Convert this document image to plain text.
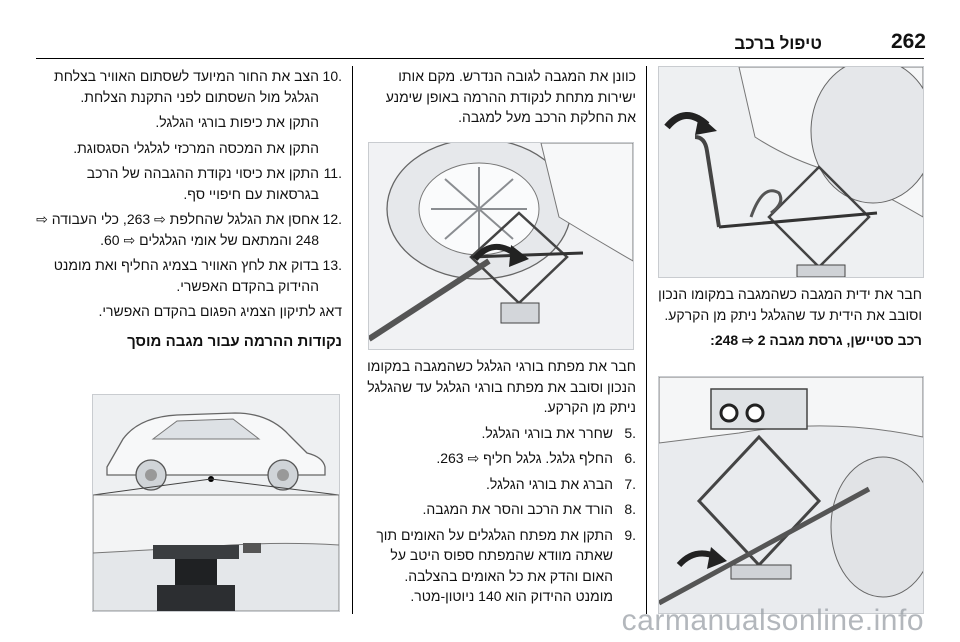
טיפול ברכב	262
.10
הצב את החור המיועד לשסתום האוויר בצלחת הגלגל מול השסתום לפני התקנת הצלחת.

התקן את כיפות בורגי הגלגל.

התקן את המכסה המרכזי לגלגלי הסגסוגת.

.11
התקן את כיסוי נקודת ההגבהה של הרכב בגרסאות עם חיפויי סף.
.12
אחסן את הגלגל שהחלפת ⇨ 263, כלי העבודה ⇨ 248 והמתאם של אומי הגלגלים ⇨ 60.
.13
בדוק את לחץ האוויר בצמיג החליף ואת מומנט ההידוק בהקדם האפשרי.

דאג לתיקון הצמיג הפגום בהקדם האפשרי.

נקודות ההרמה עבור מגבה מוסך

כוונן את המגבה לגובה הנדרש. מקם אותו ישירות מתחת לנקודת ההרמה באופן שימנע את החלקת הרכב מעל למגבה.

חבר את מפתח בורגי הגלגל כשהמגבה במקומו הנכון וסובב את מפתח בורגי הגלגל עד שהגלגל ניתק מן הקרקע.

.5
שחרר את בורגי הגלגל.
.6
החלף גלגל. גלגל חליף ⇨ 263.
.7
הברג את בורגי הגלגל.
.8
הורד את הרכב והסר את המגבה.
.9
התקן את מפתח הגלגלים על האומים תוך שאתה מוודא שהמפתח ספוס היטב על האום והדק את כל האומים בהצלבה. מומנט ההידוק הוא 140 ניוטון-מטר.

חבר את ידית המגבה כשהמגבה במקומו הנכון וסובב את הידית עד שהגלגל ניתק מן הקרקע.

רכב סטיישן, גרסת מגבה 2 ⇨ 248:

carmanualsonline.info
